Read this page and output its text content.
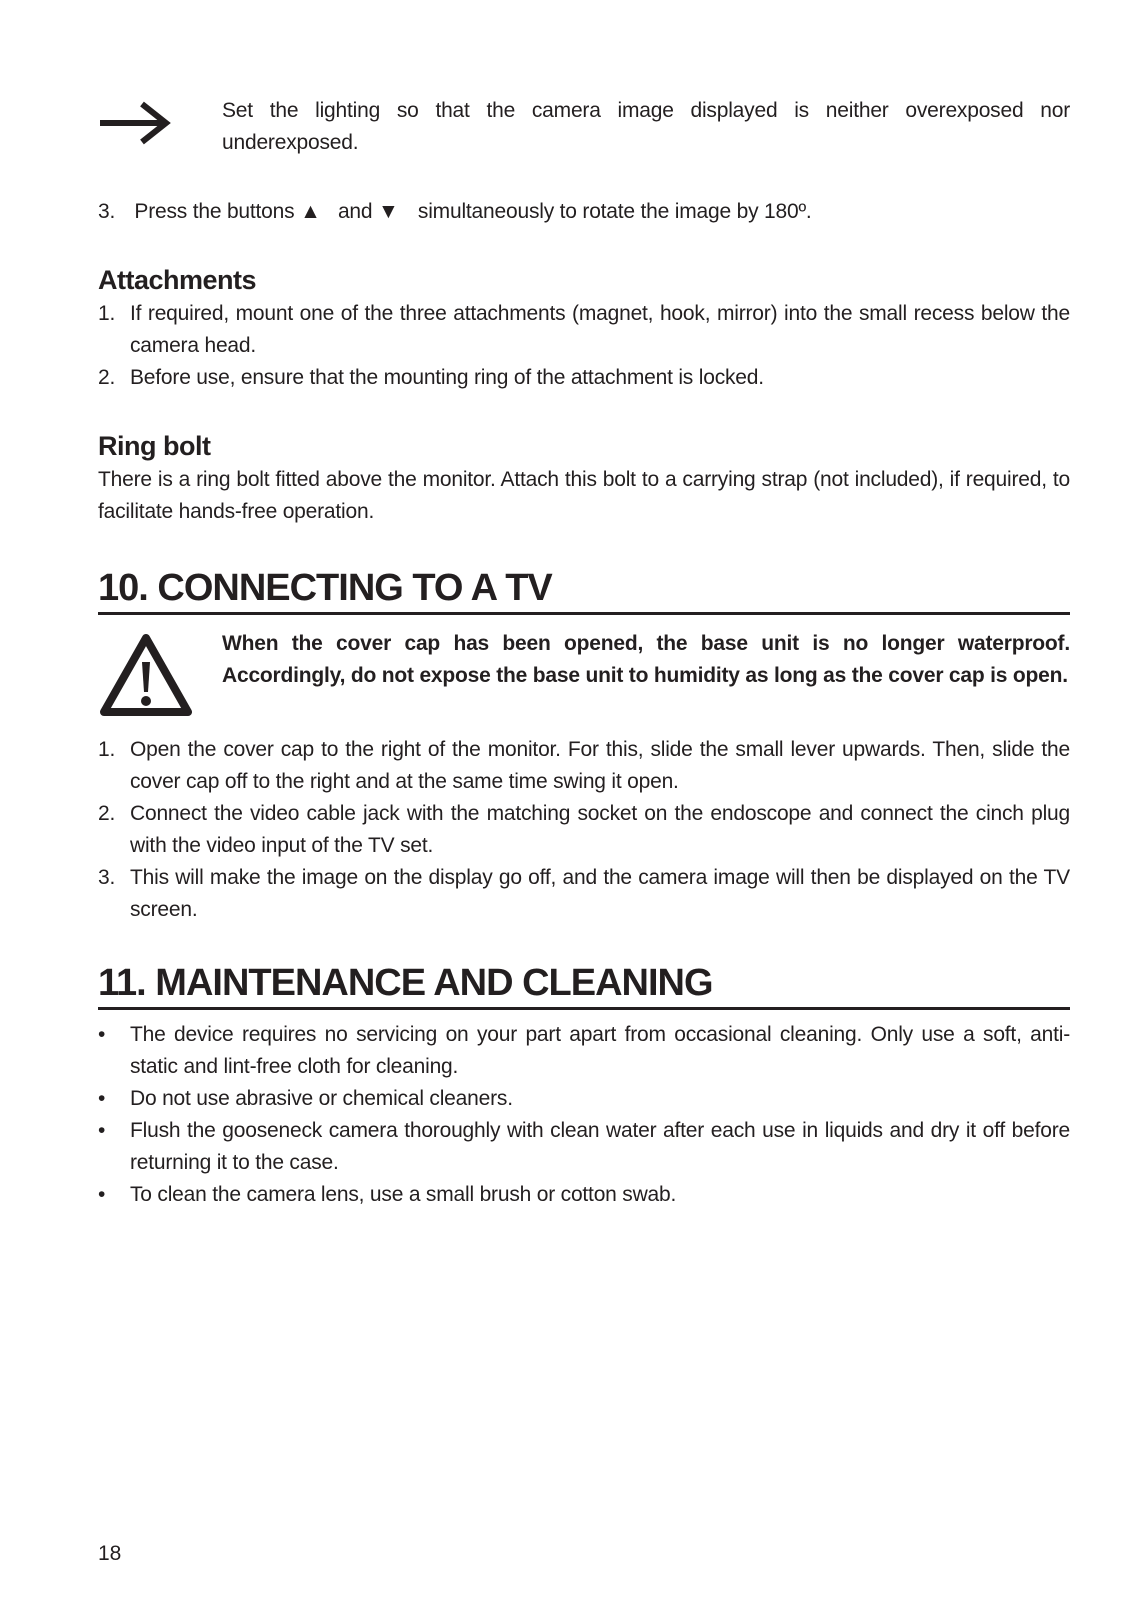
Set the lighting so that the camera image displayed is neither overexposed nor underexposed.
3. Press the buttons ▲ and ▼ simultaneously to rotate the image by 180º.
Attachments
1. If required, mount one of the three attachments (magnet, hook, mirror) into the small recess below the camera head.
2. Before use, ensure that the mounting ring of the attachment is locked.
Ring bolt
There is a ring bolt fitted above the monitor. Attach this bolt to a carrying strap (not included), if required, to facilitate hands-free operation.
10. CONNECTING TO A TV
When the cover cap has been opened, the base unit is no longer waterproof. Accordingly, do not expose the base unit to humidity as long as the cover cap is open.
1. Open the cover cap to the right of the monitor. For this, slide the small lever upwards. Then, slide the cover cap off to the right and at the same time swing it open.
2. Connect the video cable jack with the matching socket on the endoscope and connect the cinch plug with the video input of the TV set.
3. This will make the image on the display go off, and the camera image will then be displayed on the TV screen.
11. MAINTENANCE AND CLEANING
• The device requires no servicing on your part apart from occasional cleaning. Only use a soft, anti-static and lint-free cloth for cleaning.
• Do not use abrasive or chemical cleaners.
• Flush the gooseneck camera thoroughly with clean water after each use in liquids and dry it off before returning it to the case.
• To clean the camera lens, use a small brush or cotton swab.
18
